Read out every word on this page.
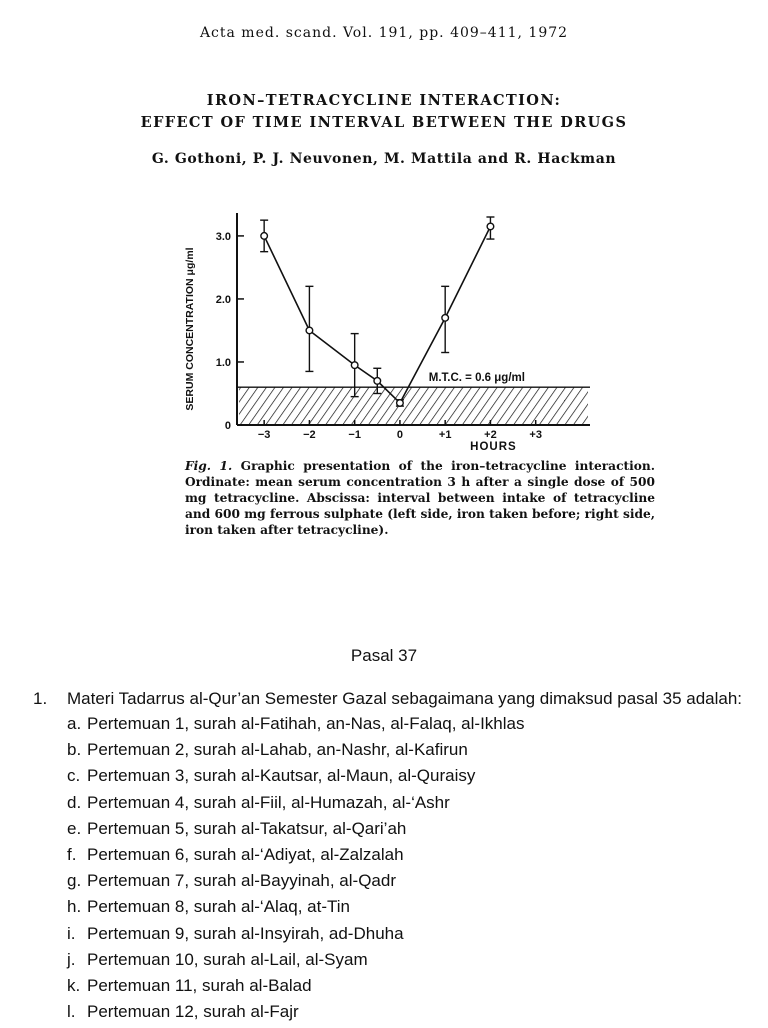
Acta med. scand. Vol. 191, pp. 409–411, 1972
IRON–TETRACYCLINE INTERACTION:
EFFECT OF TIME INTERVAL BETWEEN THE DRUGS
G. Gothoni, P. J. Neuvonen, M. Mattila and R. Hackman
0
1.0
2.0
3.0
−3	−2	−1	0	+1	+2	+3
HOURS
SERUM CONCENTRATION μg/ml	M.T.C. = 0.6 μg/ml
Fig. 1. Graphic presentation of the iron–tetracycline interaction. Ordinate: mean serum concentration 3 h after a single dose of 500 mg tetracycline. Abscissa: interval between intake of tetracycline and 600 mg ferrous sulphate (left side, iron taken before; right side, iron taken after tetracycline).
Pasal 37
1. Materi Tadarrus al-Qur’an Semester Gazal sebagaimana yang dimaksud pasal 35 adalah:
a. Pertemuan 1, surah al-Fatihah, an-Nas, al-Falaq, al-Ikhlas
b. Pertemuan 2, surah al-Lahab, an-Nashr, al-Kafirun
c. Pertemuan 3, surah al-Kautsar, al-Maun, al-Quraisy
d. Pertemuan 4, surah al-Fiil, al-Humazah, al-‘Ashr
e. Pertemuan 5, surah al-Takatsur, al-Qari’ah
f. Pertemuan 6, surah al-‘Adiyat, al-Zalzalah
g. Pertemuan 7, surah al-Bayyinah, al-Qadr
h. Pertemuan 8, surah al-‘Alaq, at-Tin
i. Pertemuan 9, surah al-Insyirah, ad-Dhuha
j. Pertemuan 10, surah al-Lail, al-Syam
k. Pertemuan 11, surah al-Balad
l. Pertemuan 12, surah al-Fajr
